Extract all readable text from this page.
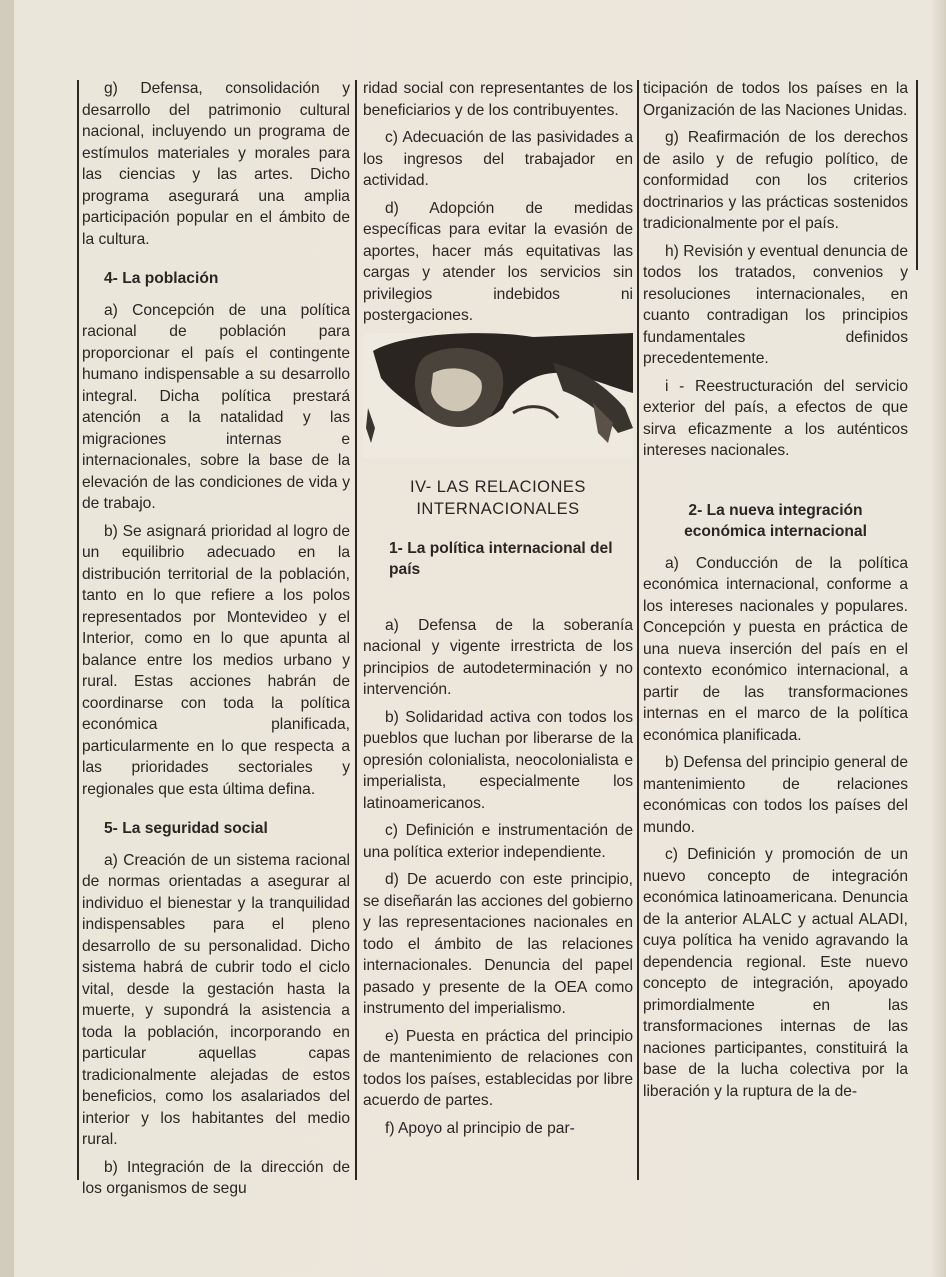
g) Defensa, consolidación y desarrollo del patrimonio cultural nacional, incluyendo un programa de estímulos materiales y morales para las ciencias y las artes. Dicho programa asegurará una amplia participación popular en el ámbito de la cultura.

4- La población

a) Concepción de una política racional de población para proporcionar el país el contingente humano indispensable a su desarrollo integral. Dicha política prestará atención a la natalidad y las migraciones internas e internacionales, sobre la base de la elevación de las condiciones de vida y de trabajo.

b) Se asignará prioridad al logro de un equilibrio adecuado en la distribución territorial de la población, tanto en lo que refiere a los polos representados por Montevideo y el Interior, como en lo que apunta al balance entre los medios urbano y rural. Estas acciones habrán de coordinarse con toda la política económica planificada, particularmente en lo que respecta a las prioridades sectoriales y regionales que esta última defina.

5- La seguridad social

a) Creación de un sistema racional de normas orientadas a asegurar al individuo el bienestar y la tranquilidad indispensables para el pleno desarrollo de su personalidad. Dicho sistema habrá de cubrir todo el ciclo vital, desde la gestación hasta la muerte, y supondrá la asistencia a toda la población, incorporando en particular aquellas capas tradicionalmente alejadas de estos beneficios, como los asalariados del interior y los habitantes del medio rural.

b) Integración de la dirección de los organismos de segu

ridad social con representantes de los beneficiarios y de los contribuyentes.

c) Adecuación de las pasividades a los ingresos del trabajador en actividad.

d) Adopción de medidas específicas para evitar la evasión de aportes, hacer más equitativas las cargas y atender los servicios sin privilegios indebidos ni postergaciones.

IV- LAS RELACIONES INTERNACIONALES
1- La política internacional del país

a) Defensa de la soberanía nacional y vigente irrestricta de los principios de autodeterminación y no intervención.

b) Solidaridad activa con todos los pueblos que luchan por liberarse de la opresión colonialista, neocolonialista e imperialista, especialmente los latinoamericanos.

c) Definición e instrumentación de una política exterior independiente.

d) De acuerdo con este principio, se diseñarán las acciones del gobierno y las representaciones nacionales en todo el ámbito de las relaciones internacionales. Denuncia del papel pasado y presente de la OEA como instrumento del imperialismo.

e) Puesta en práctica del principio de mantenimiento de relaciones con todos los países, establecidas por libre acuerdo de partes.

f) Apoyo al principio de par-

ticipación de todos los países en la Organización de las Naciones Unidas.

g) Reafirmación de los derechos de asilo y de refugio político, de conformidad con los criterios doctrinarios y las prácticas sostenidos tradicionalmente por el país.

h) Revisión y eventual denuncia de todos los tratados, convenios y resoluciones internacionales, en cuanto contradigan los principios fundamentales definidos precedentemente.

i - Reestructuración del servicio exterior del país, a efectos de que sirva eficazmente a los auténticos intereses nacionales.

2- La nueva integración económica internacional

a) Conducción de la política económica internacional, conforme a los intereses nacionales y populares. Concepción y puesta en práctica de una nueva inserción del país en el contexto económico internacional, a partir de las transformaciones internas en el marco de la política económica planificada.

b) Defensa del principio general de mantenimiento de relaciones económicas con todos los países del mundo.

c) Definición y promoción de un nuevo concepto de integración económica latinoamericana. Denuncia de la anterior ALALC y actual ALADI, cuya política ha venido agravando la dependencia regional. Este nuevo concepto de integración, apoyado primordialmente en las transformaciones internas de las naciones participantes, constituirá la base de la lucha colectiva por la liberación y la ruptura de la de-
